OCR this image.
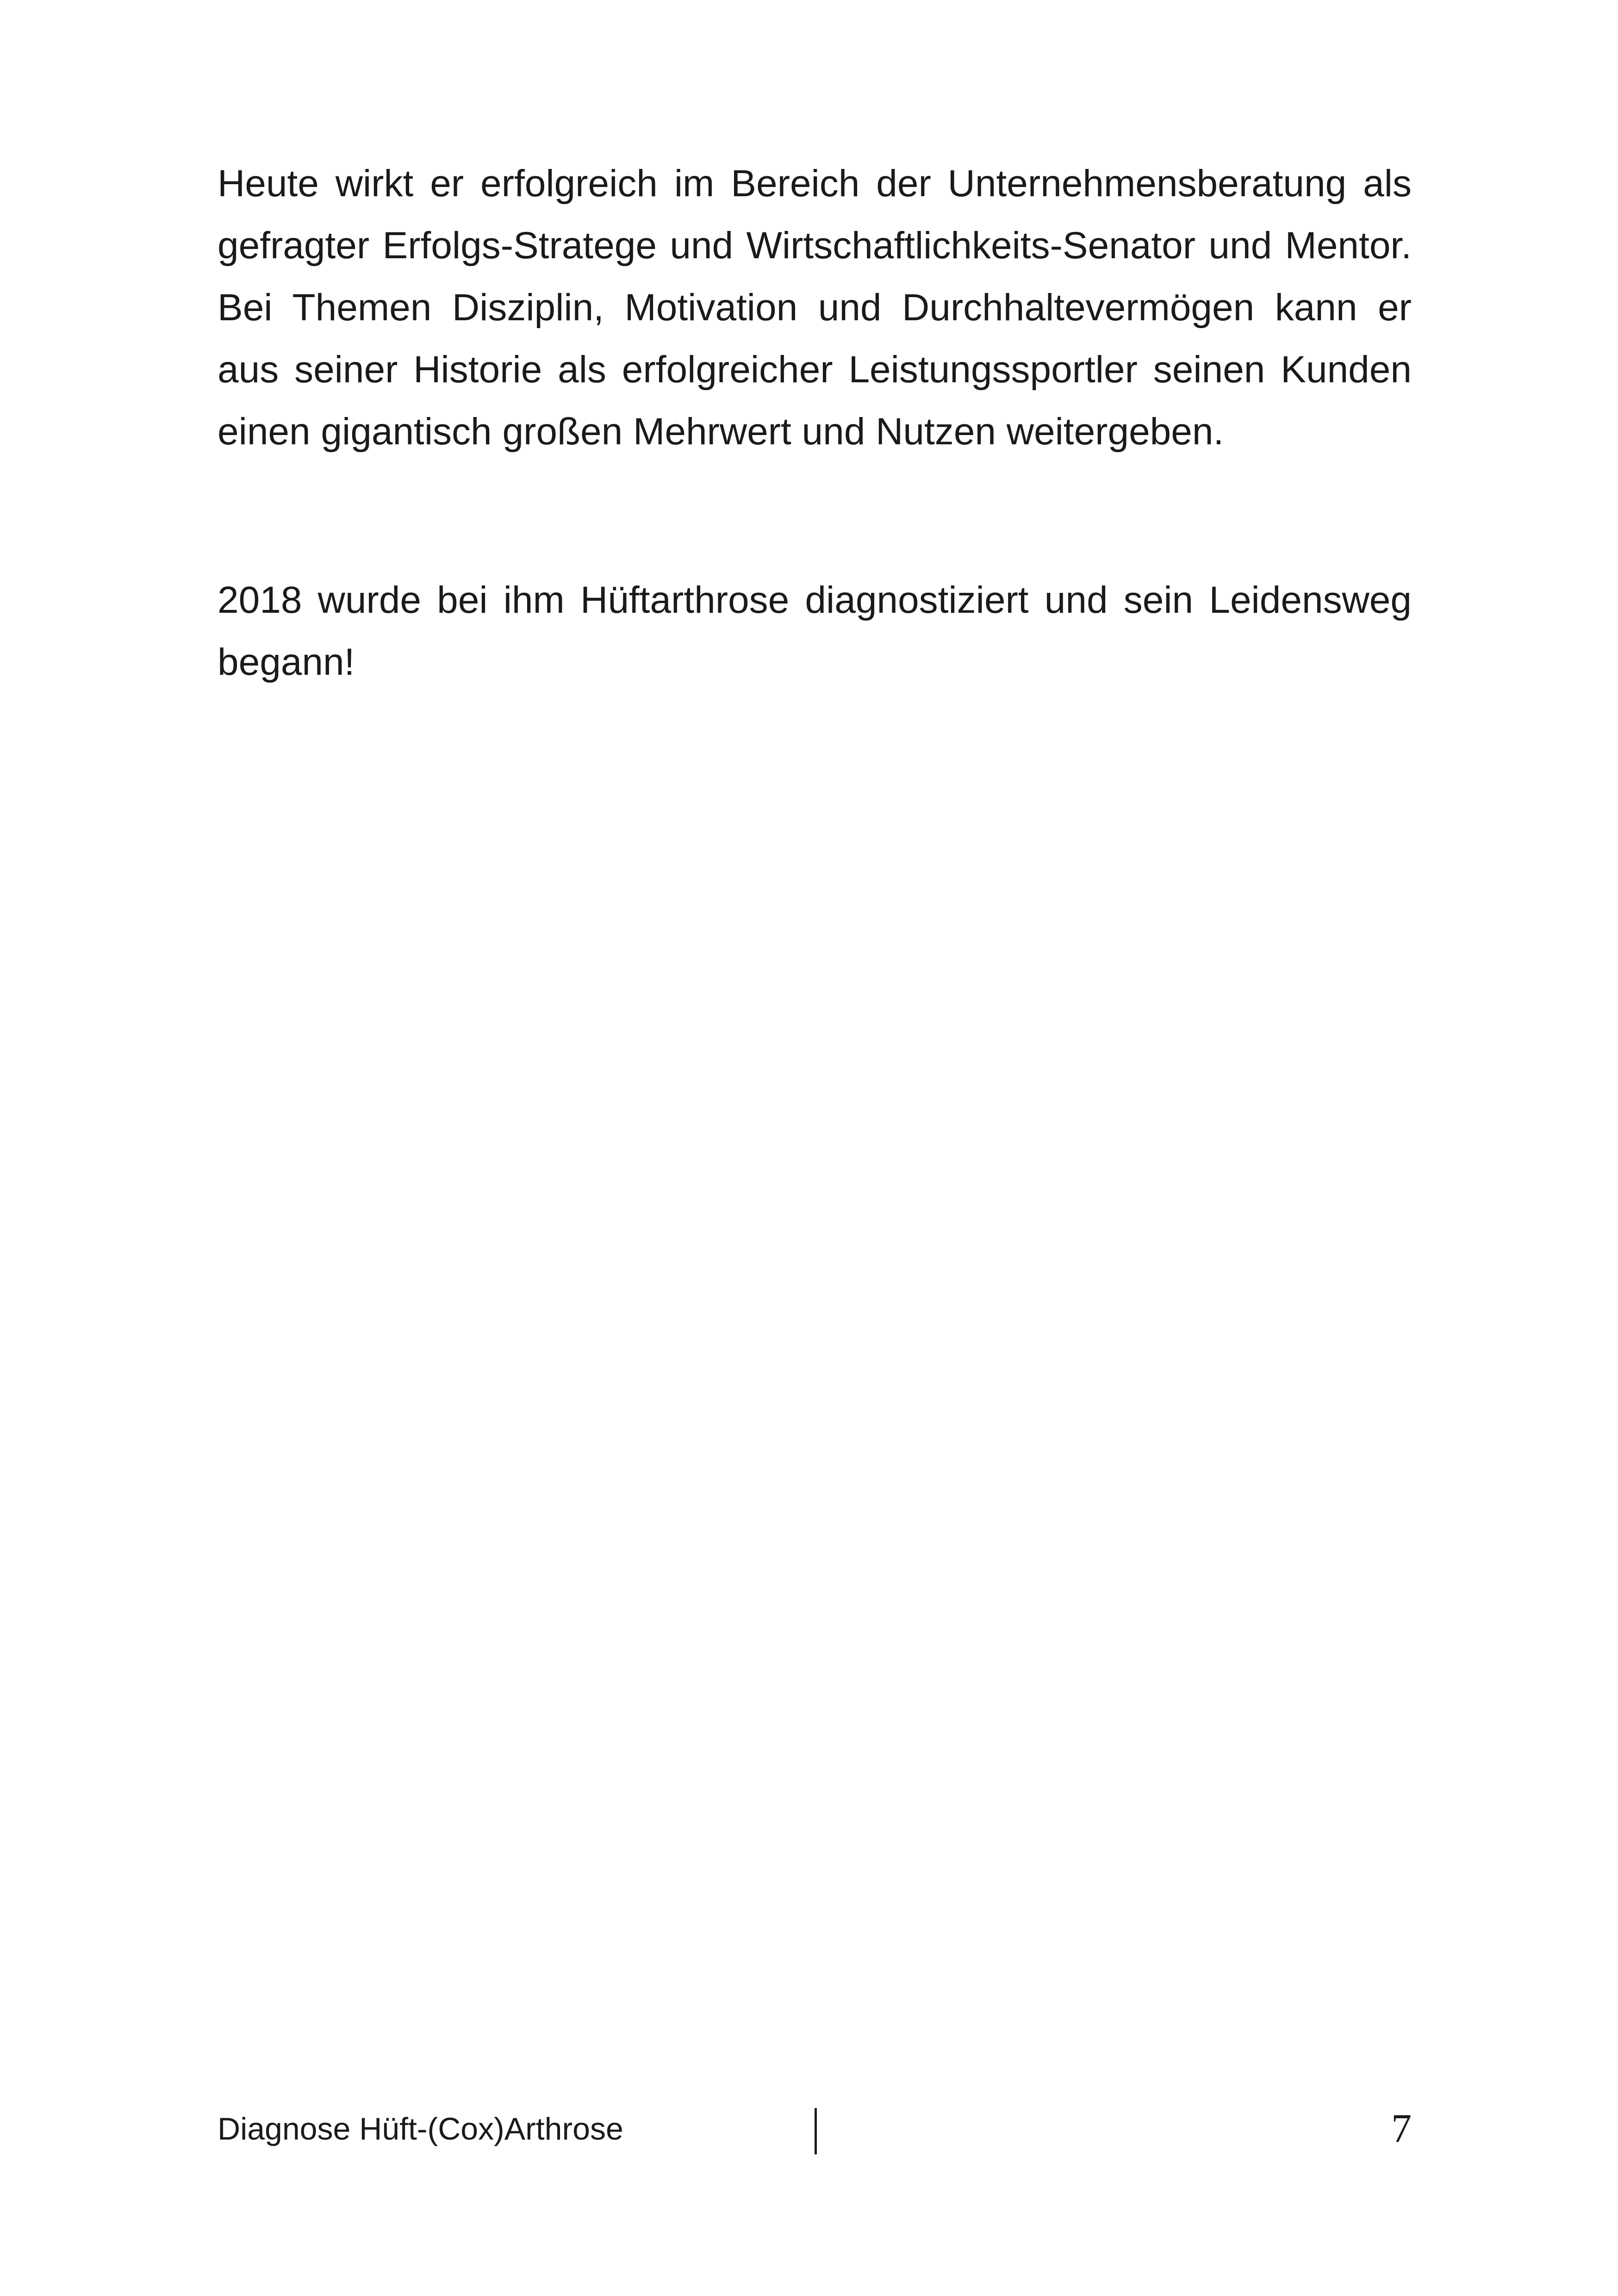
Heute wirkt er erfolgreich im Bereich der Unternehmensberatung als gefragter Erfolgs-Stratege und Wirtschaftlichkeits-Senator und Mentor. Bei Themen Disziplin, Motivation und Durchhaltevermögen kann er aus seiner Historie als erfolgreicher Leistungssportler seinen Kunden einen gigantisch großen Mehrwert und Nutzen weitergeben.

2018 wurde bei ihm Hüftarthrose diagnostiziert und sein Leidensweg begann!

Diagnose Hüft-(Cox)Arthrose	7
